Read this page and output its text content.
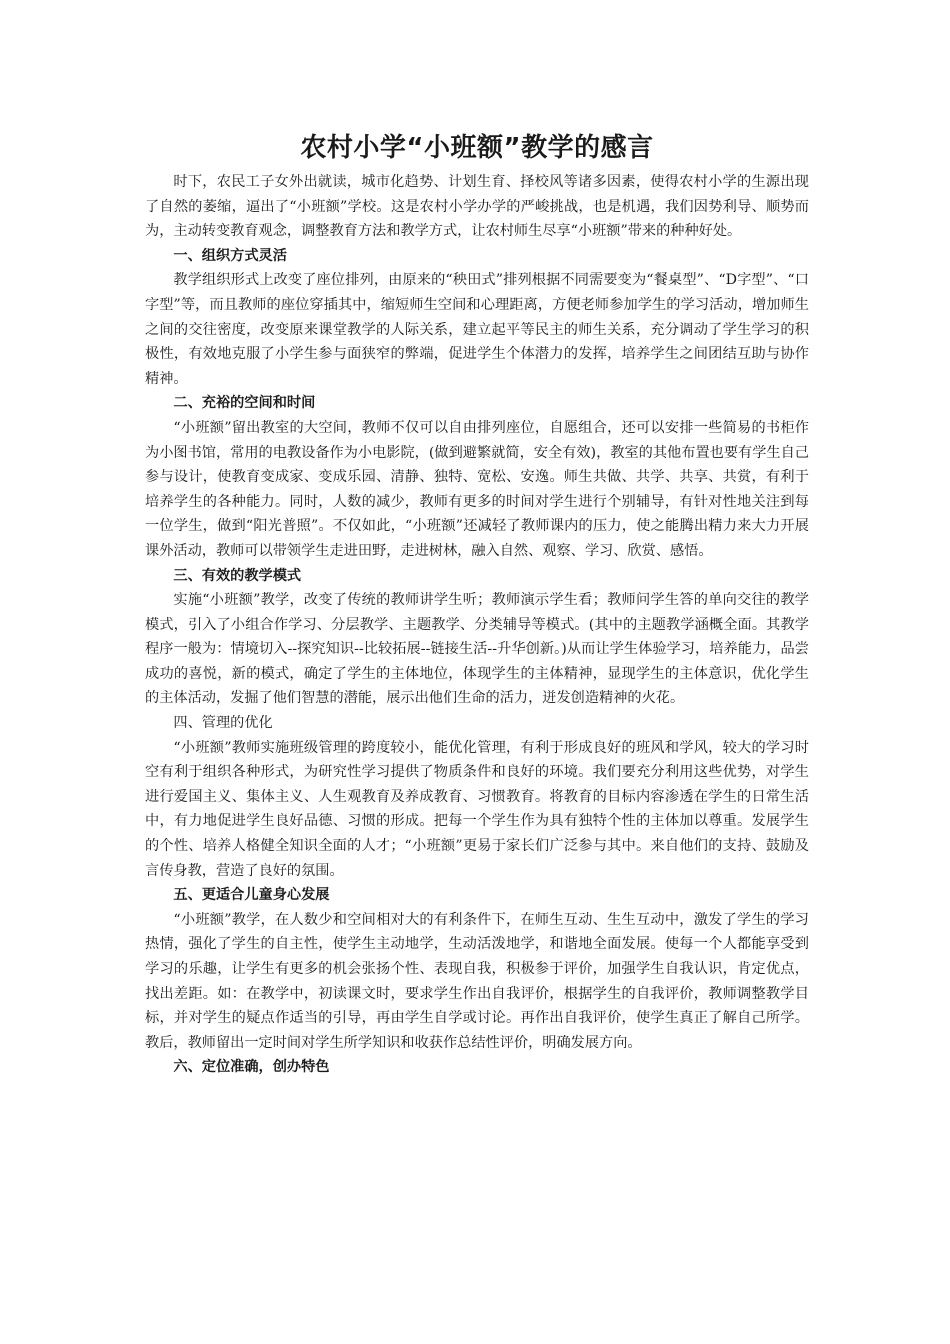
农村小学“小班额”教学的感言

时下，农民工子女外出就读，城市化趋势、计划生育、择校风等诸多因素，使得农村小学的生源出现了自然的萎缩，逼出了“小班额”学校。这是农村小学办学的严峻挑战，也是机遇，我们因势利导、顺势而为，主动转变教育观念，调整教育方法和教学方式，让农村师生尽享“小班额”带来的种种好处。

一、组织方式灵活

教学组织形式上改变了座位排列，由原来的“秧田式”排列根据不同需要变为“餐桌型”、“D字型”、“口字型”等，而且教师的座位穿插其中，缩短师生空间和心理距离，方便老师参加学生的学习活动，增加师生之间的交往密度，改变原来课堂教学的人际关系，建立起平等民主的师生关系，充分调动了学生学习的积极性，有效地克服了小学生参与面狭窄的弊端，促进学生个体潜力的发挥，培养学生之间团结互助与协作精神。

二、充裕的空间和时间

“小班额”留出教室的大空间，教师不仅可以自由排列座位，自愿组合，还可以安排一些简易的书柜作为小图书馆，常用的电教设备作为小电影院，(做到避繁就简，安全有效)，教室的其他布置也要有学生自己参与设计，使教育变成家、变成乐园、清静、独特、宽松、安逸。师生共做、共学、共享、共赏，有利于培养学生的各种能力。同时，人数的减少，教师有更多的时间对学生进行个别辅导，有针对性地关注到每一位学生，做到“阳光普照”。不仅如此，“小班额”还减轻了教师课内的压力，使之能腾出精力来大力开展课外活动，教师可以带领学生走进田野，走进树林，融入自然、观察、学习、欣赏、感悟。

三、有效的教学模式

实施“小班额”教学，改变了传统的教师讲学生听；教师演示学生看；教师问学生答的单向交往的教学模式，引入了小组合作学习、分层教学、主题教学、分类辅导等模式。(其中的主题教学涵概全面。其教学程序一般为：情境切入--探究知识--比较拓展--链接生活--升华创新。)从而让学生体验学习，培养能力，品尝成功的喜悦，新的模式，确定了学生的主体地位，体现学生的主体精神，显现学生的主体意识，优化学生的主体活动，发掘了他们智慧的潜能，展示出他们生命的活力，迸发创造精神的火花。

四、管理的优化

“小班额”教师实施班级管理的跨度较小，能优化管理，有利于形成良好的班风和学风，较大的学习时空有利于组织各种形式，为研究性学习提供了物质条件和良好的环境。我们要充分利用这些优势，对学生进行爱国主义、集体主义、人生观教育及养成教育、习惯教育。将教育的目标内容渗透在学生的日常生活中，有力地促进学生良好品德、习惯的形成。把每一个学生作为具有独特个性的主体加以尊重。发展学生的个性、培养人格健全知识全面的人才；“小班额”更易于家长们广泛参与其中。来自他们的支持、鼓励及言传身教，营造了良好的氛围。

五、更适合儿童身心发展

“小班额”教学，在人数少和空间相对大的有利条件下，在师生互动、生生互动中，激发了学生的学习热情，强化了学生的自主性，使学生主动地学，生动活泼地学，和谐地全面发展。使每一个人都能享受到学习的乐趣，让学生有更多的机会张扬个性、表现自我，积极参于评价，加强学生自我认识，肯定优点，找出差距。如：在教学中，初读课文时，要求学生作出自我评价，根据学生的自我评价，教师调整教学目标，并对学生的疑点作适当的引导，再由学生自学或讨论。再作出自我评价，使学生真正了解自己所学。教后，教师留出一定时间对学生所学知识和收获作总结性评价，明确发展方向。

六、定位准确，创办特色
